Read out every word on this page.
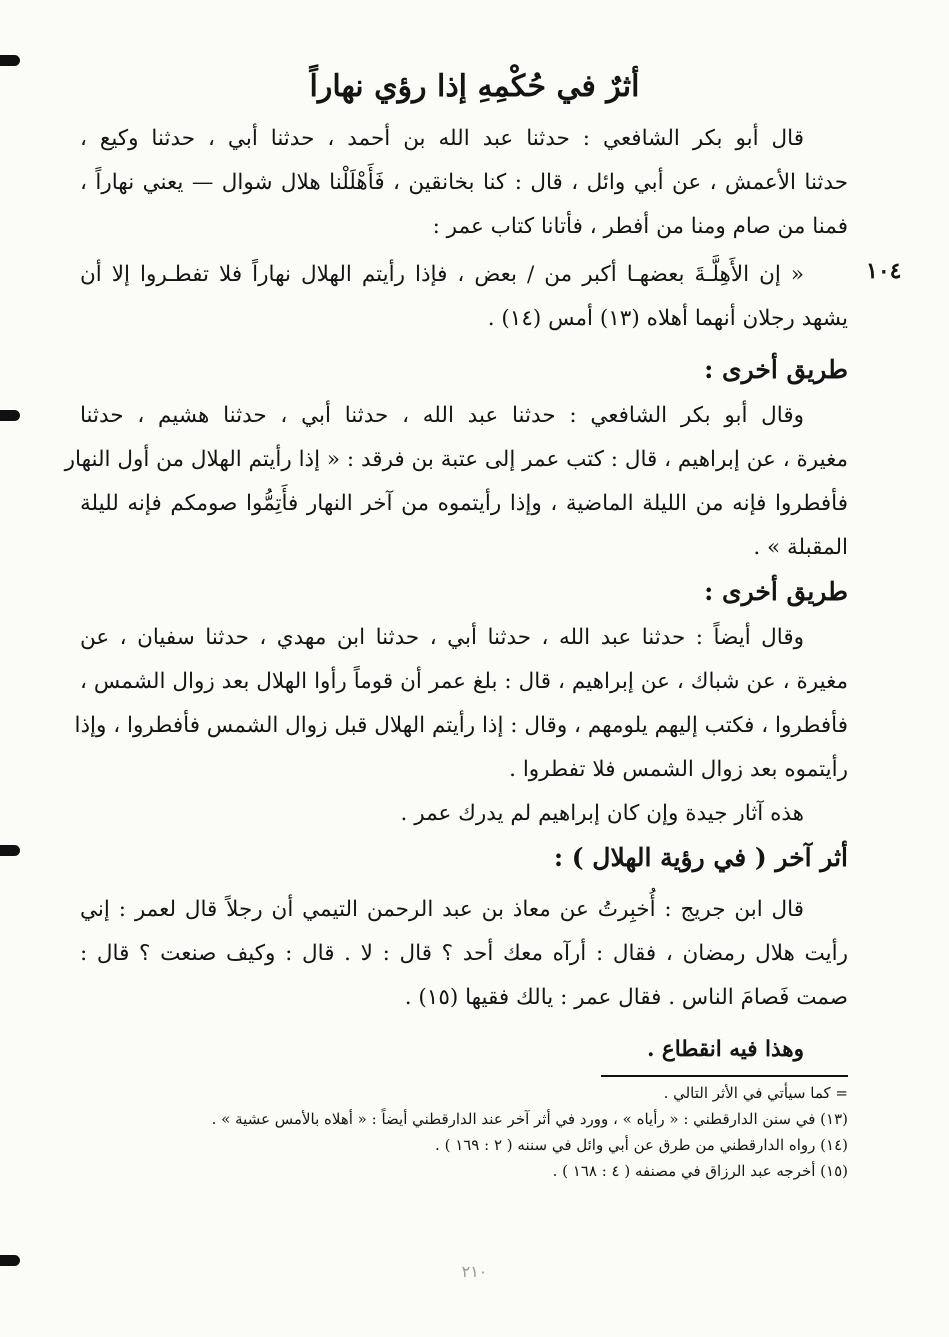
أثرٌ في حُكْمِهِ إذا رؤي نهاراً
١٠٤
قال أبو بكر الشافعي : حدثنا عبد الله بن أحمد ، حدثنا أبي ، حدثنا وكيع ،
حدثنا الأعمش ، عن أبي وائل ، قال : كنا بخانقين ، فَأَهْلَلْنا هلال شوال — يعني نهاراً ،
فمنا من صام ومنا من أفطر ، فأتانا كتاب عمر :
« إن الأَهِلَّـةَ بعضهـا أكبر من / بعض ، فإذا رأيتم الهلال نهاراً فلا تفطـروا إلا أن
يشهد رجلان أنهما أهلاه (١٣) أمس (١٤) .
طريق أخرى :
وقال أبو بكر الشافعي : حدثنا عبد الله ، حدثنا أبي ، حدثنا هشيم ، حدثنا
مغيرة ، عن إبراهيم ، قال : كتب عمر إلى عتبة بن فرقد : « إذا رأيتم الهلال من أول النهار
فأفطروا فإنه من الليلة الماضية ، وإذا رأيتموه من آخر النهار فأَتِمُّوا صومكم فإنه لليلة
المقبلة » .
طريق أخرى :
وقال أيضاً : حدثنا عبد الله ، حدثنا أبي ، حدثنا ابن مهدي ، حدثنا سفيان ، عن
مغيرة ، عن شباك ، عن إبراهيم ، قال : بلغ عمر أن قوماً رأوا الهلال بعد زوال الشمس ،
فأفطروا ، فكتب إليهم يلومهم ، وقال : إذا رأيتم الهلال قبل زوال الشمس فأفطروا ، وإذا
رأيتموه بعد زوال الشمس فلا تفطروا .
هذه آثار جيدة وإن كان إبراهيم لم يدرك عمر .
أثر آخر ( في رؤية الهلال ) :
قال ابن جريج : أُخبِرتُ عن معاذ بن عبد الرحمن التيمي أن رجلاً قال لعمر : إني
رأيت هلال رمضان ، فقال : أرآه معك أحد ؟ قال : لا . قال : وكيف صنعت ؟ قال :
صمت فَصامَ الناس . فقال عمر : يالك فقيها (١٥) .
وهذا فيه انقطاع .
= كما سيأتي في الأثر التالي .
(١٣) في سنن الدارقطني : « رأياه » ، وورد في أثر آخر عند الدارقطني أيضاً : « أهلاه بالأمس عشية » .
(١٤) رواه الدارقطني من طرق عن أبي وائل في سننه ( ٢ : ١٦٩ ) .
(١٥) أخرجه عبد الرزاق في مصنفه ( ٤ : ١٦٨ ) .
٢١٠
